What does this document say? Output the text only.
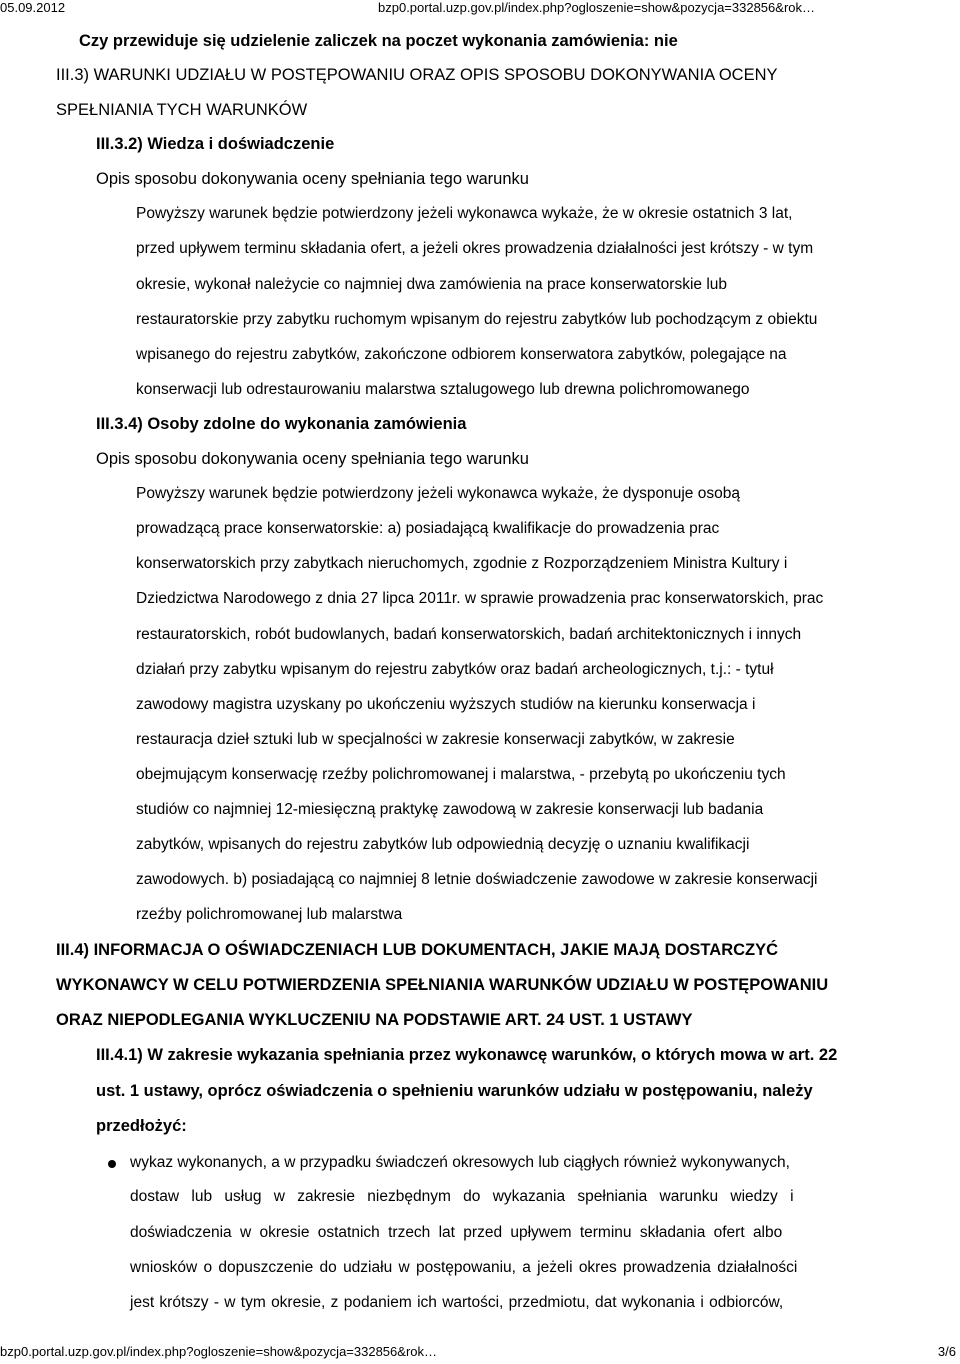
05.09.2012	bzp0.portal.uzp.gov.pl/index.php?ogloszenie=show&pozycja=332856&rok…
Czy przewiduje się udzielenie zaliczek na poczet wykonania zamówienia: nie
III.3) WARUNKI UDZIAŁU W POSTĘPOWANIU ORAZ OPIS SPOSOBU DOKONYWANIA OCENY
SPEŁNIANIA TYCH WARUNKÓW
III.3.2) Wiedza i doświadczenie
Opis sposobu dokonywania oceny spełniania tego warunku
Powyższy warunek będzie potwierdzony jeżeli wykonawca wykaże, że w okresie ostatnich 3 lat,
przed upływem terminu składania ofert, a jeżeli okres prowadzenia działalności jest krótszy - w tym
okresie, wykonał należycie co najmniej dwa zamówienia na prace konserwatorskie lub
restauratorskie przy zabytku ruchomym wpisanym do rejestru zabytków lub pochodzącym z obiektu
wpisanego do rejestru zabytków, zakończone odbiorem konserwatora zabytków, polegające na
konserwacji lub odrestaurowaniu malarstwa sztalugowego lub drewna polichromowanego
III.3.4) Osoby zdolne do wykonania zamówienia
Opis sposobu dokonywania oceny spełniania tego warunku
Powyższy warunek będzie potwierdzony jeżeli wykonawca wykaże, że dysponuje osobą
prowadzącą prace konserwatorskie: a) posiadającą kwalifikacje do prowadzenia prac
konserwatorskich przy zabytkach nieruchomych, zgodnie z Rozporządzeniem Ministra Kultury i
Dziedzictwa Narodowego z dnia 27 lipca 2011r. w sprawie prowadzenia prac konserwatorskich, prac
restauratorskich, robót budowlanych, badań konserwatorskich, badań architektonicznych i innych
działań przy zabytku wpisanym do rejestru zabytków oraz badań archeologicznych, t.j.: - tytuł
zawodowy magistra uzyskany po ukończeniu wyższych studiów na kierunku konserwacja i
restauracja dzieł sztuki lub w specjalności w zakresie konserwacji zabytków, w zakresie
obejmującym konserwację rzeźby polichromowanej i malarstwa, - przebytą po ukończeniu tych
studiów co najmniej 12-miesięczną praktykę zawodową w zakresie konserwacji lub badania
zabytków, wpisanych do rejestru zabytków lub odpowiednią decyzję o uznaniu kwalifikacji
zawodowych. b) posiadającą co najmniej 8 letnie doświadczenie zawodowe w zakresie konserwacji
rzeźby polichromowanej lub malarstwa
III.4) INFORMACJA O OŚWIADCZENIACH LUB DOKUMENTACH, JAKIE MAJĄ DOSTARCZYĆ
WYKONAWCY W CELU POTWIERDZENIA SPEŁNIANIA WARUNKÓW UDZIAŁU W POSTĘPOWANIU
ORAZ NIEPODLEGANIA WYKLUCZENIU NA PODSTAWIE ART. 24 UST. 1 USTAWY
III.4.1) W zakresie wykazania spełniania przez wykonawcę warunków, o których mowa w art. 22
ust. 1 ustawy, oprócz oświadczenia o spełnieniu warunków udziału w postępowaniu, należy
przedłożyć:
wykaz wykonanych, a w przypadku świadczeń okresowych lub ciągłych również wykonywanych,
dostaw lub usług w zakresie niezbędnym do wykazania spełniania warunku wiedzy i
doświadczenia w okresie ostatnich trzech lat przed upływem terminu składania ofert albo
wniosków o dopuszczenie do udziału w postępowaniu, a jeżeli okres prowadzenia działalności
jest krótszy - w tym okresie, z podaniem ich wartości, przedmiotu, dat wykonania i odbiorców,
bzp0.portal.uzp.gov.pl/index.php?ogloszenie=show&pozycja=332856&rok…	3/6
